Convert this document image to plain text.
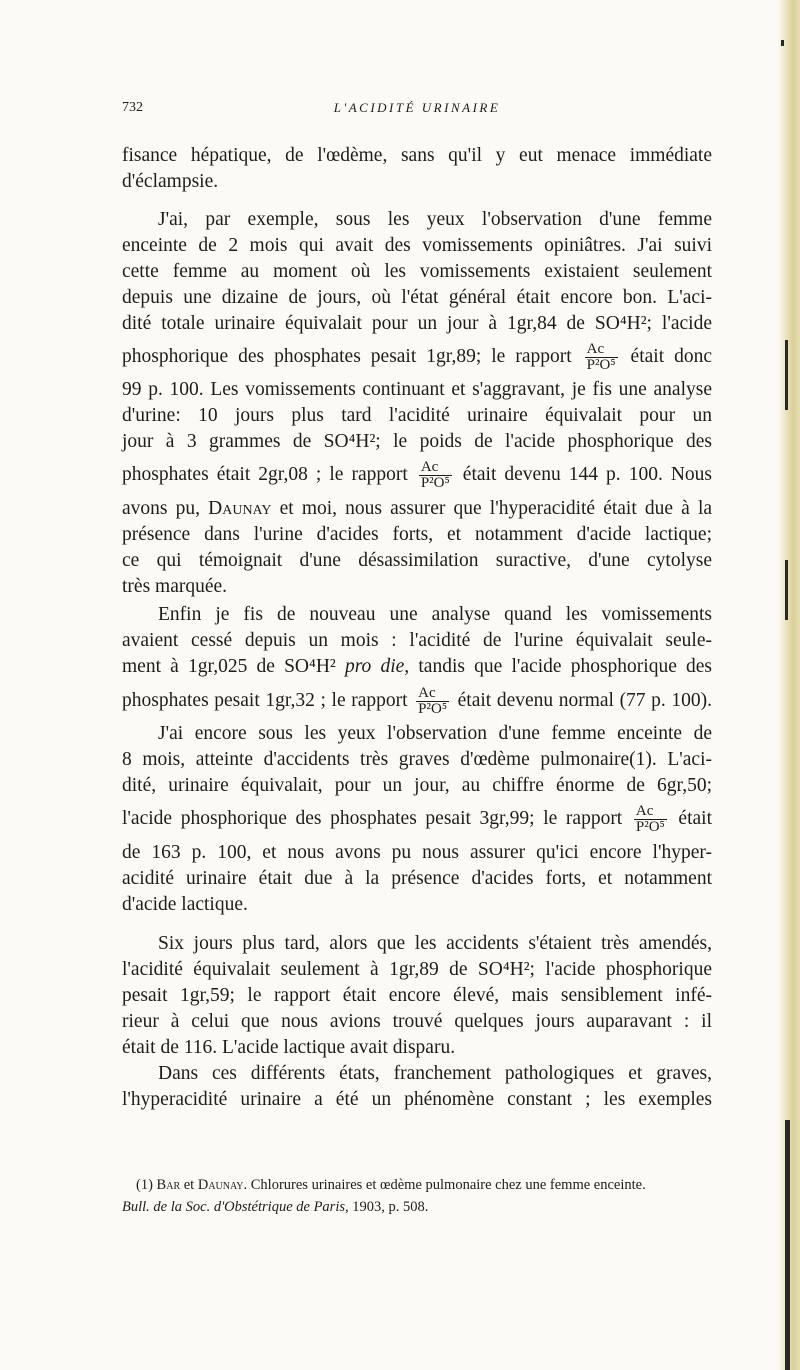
732	L'ACIDITÉ URINAIRE
fisance hépatique, de l'œdème, sans qu'il y eut menace immédiate
d'éclampsie.
J'ai, par exemple, sous les yeux l'observation d'une femme
enceinte de 2 mois qui avait des vomissements opiniâtres. J'ai suivi
cette femme au moment où les vomissements existaient seulement
depuis une dizaine de jours, où l'état général était encore bon. L'aci-
dité totale urinaire équivalait pour un jour à 1gr,84 de SO⁴H²; l'acide
phosphorique des phosphates pesait 1gr,89; le rapport $\frac{Ac}{\text{P²O⁵}}$ était donc
99 p. 100. Les vomissements continuant et s'aggravant, je fis une analyse
d'urine: 10 jours plus tard l'acidité urinaire équivalait pour un
jour à 3 grammes de SO⁴H²; le poids de l'acide phosphorique des
phosphates était 2gr,08 ; le rapport $\frac{Ac}{\text{P²O⁵}}$ était devenu 144 p. 100. Nous
avons pu, Daunay et moi, nous assurer que l'hyperacidité était due à la
présence dans l'urine d'acides forts, et notamment d'acide lactique;
ce qui témoignait d'une désassimilation suractive, d'une cytolyse
très marquée.
Enfin je fis de nouveau une analyse quand les vomissements
avaient cessé depuis un mois : l'acidité de l'urine équivalait seule-
ment à 1gr,025 de SO⁴H² pro die, tandis que l'acide phosphorique des
phosphates pesait 1gr,32 ; le rapport $\frac{Ac}{\text{P²O⁵}}$ était devenu normal (77 p. 100).
J'ai encore sous les yeux l'observation d'une femme enceinte de
8 mois, atteinte d'accidents très graves d'œdème pulmonaire(1). L'aci-
dité, urinaire équivalait, pour un jour, au chiffre énorme de 6gr,50;
l'acide phosphorique des phosphates pesait 3gr,99; le rapport $\frac{Ac}{\text{P²O⁵}}$ était
de 163 p. 100, et nous avons pu nous assurer qu'ici encore l'hyper-
acidité urinaire était due à la présence d'acides forts, et notamment
d'acide lactique.
Six jours plus tard, alors que les accidents s'étaient très amendés,
l'acidité équivalait seulement à 1gr,89 de SO⁴H²; l'acide phosphorique
pesait 1gr,59; le rapport était encore élevé, mais sensiblement infé-
rieur à celui que nous avions trouvé quelques jours auparavant : il
était de 116. L'acide lactique avait disparu.
Dans ces différents états, franchement pathologiques et graves,
l'hyperacidité urinaire a été un phénomène constant ; les exemples
(1) Bar et Daunay. Chlorures urinaires et œdème pulmonaire chez une femme enceinte.
Bull. de la Soc. d'Obstétrique de Paris, 1903, p. 508.
